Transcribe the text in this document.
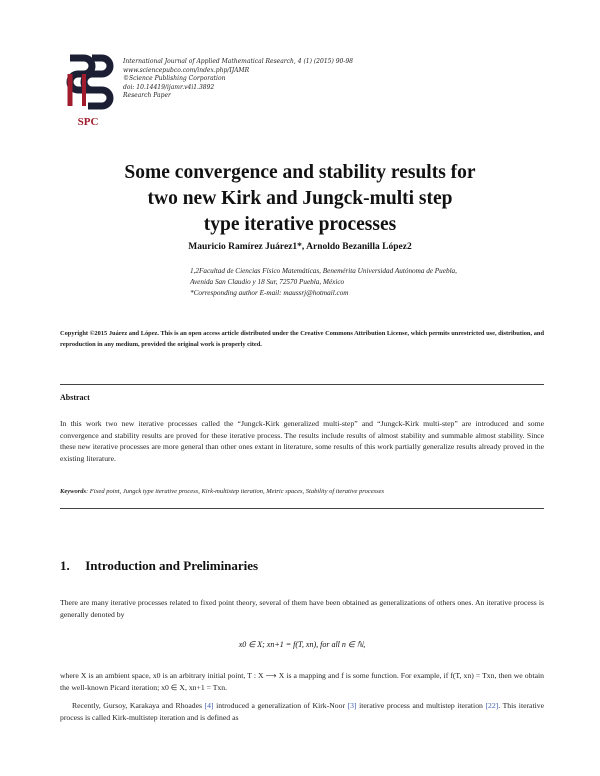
SPC
International Journal of Applied Mathematical Research, 4 (1) (2015) 90-98
www.sciencepubco.com/index.php/IJAMR
©Science Publishing Corporation
doi: 10.14419/ijamr.v4i1.3892
Research Paper
Some convergence and stability results for
two new Kirk and Jungck-multi step
type iterative processes
Mauricio Ramírez Juárez1*, Arnoldo Bezanilla López2
1,2Facultad de Ciencias Físico Matemáticas, Benemérita Universidad Autónoma de Puebla,
Avenida San Claudio y 18 Sur, 72570 Puebla, México
*Corresponding author E-mail: maussrj@hotmail.com
Copyright ©2015 Juárez and López. This is an open access article distributed under the Creative Commons Attribution License, which permits unrestricted use, distribution, and reproduction in any medium, provided the original work is properly cited.
Abstract
In this work two new iterative processes called the “Jungck-Kirk generalized multi-step” and “Jungck-Kirk multi-step” are introduced and some convergence and stability results are proved for these iterative process. The results include results of almost stability and summable almost stability. Since these new iterative processes are more general than other ones extant in literature, some results of this work partially generalize results already proved in the existing literature.
Keywords: Fixed point, Jungck type iterative process, Kirk-multistep iteration, Metric spaces, Stability of iterative processes
1. Introduction and Preliminaries
There are many iterative processes related to fixed point theory, several of them have been obtained as generalizations of others ones. An iterative process is generally denoted by
x0 ∈ X; xn+1 = f(T, xn), for all n ∈ ℕ,
where X is an ambient space, x0 is an arbitrary initial point, T : X ⟶ X is a mapping and f is some function. For example, if f(T, xn) = Txn, then we obtain the well-known Picard iteration; x0 ∈ X, xn+1 = Txn.
Recently, Gursoy, Karakaya and Rhoades [4] introduced a generalization of Kirk-Noor [3] iterative process and multistep iteration [22]. This iterative process is called Kirk-multistep iteration and is defined as
